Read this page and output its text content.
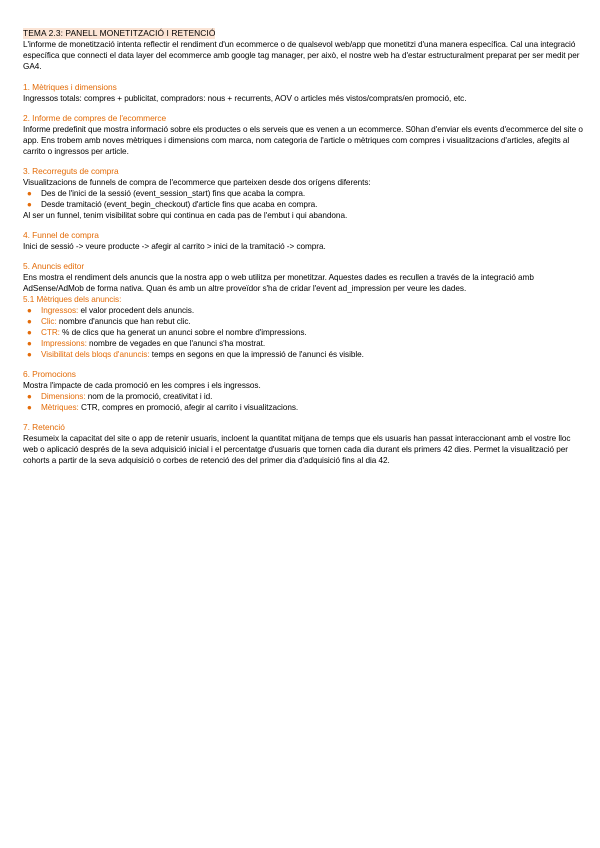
TEMA 2.3: PANELL MONETITZACIÓ I RETENCIÓ

L'informe de monetització intenta reflectir el rendiment d'un ecommerce o de qualsevol web/app que monetitzi d'una manera específica. Cal una integració específica que connecti el data layer del ecommerce amb google tag manager, per això, el nostre web ha d'estar estructuralment preparat per ser medit per GA4.

1. Mètriques i dimensions

Ingressos totals: compres + publicitat, compradors: nous + recurrents, AOV o articles més vistos/comprats/en promoció, etc.

2. Informe de compres de l'ecommerce

Informe predefinit que mostra informació sobre els productes o els serveis que es venen a un ecommerce. S0han d'enviar els events d'ecommerce del site o app. Ens trobem amb noves mètriques i dimensions com marca, nom categoria de l'article o mètriques com compres i visualitzacions d'articles, afegits al carrito o ingressos per article.

3. Recorreguts de compra

Visualitzacions de funnels de compra de l'ecommerce que parteixen desde dos orígens diferents:

● Des de l'inici de la sessió (event_session_start) fins que acaba la compra.
● Desde tramitació (event_begin_checkout) d'article fins que acaba en compra.

Al ser un funnel, tenim visibilitat sobre qui continua en cada pas de l'embut i qui abandona.

4. Funnel de compra

Inici de sessió -> veure producte -> afegir al carrito > inici de la tramitació -> compra.

5. Anuncis editor

Ens mostra el rendiment dels anuncis que la nostra app o web utilitza per monetitzar. Aquestes dades es recullen a través de la integració amb AdSense/AdMob de forma nativa. Quan és amb un altre proveïdor s'ha de cridar l'event ad_impression per veure les dades.

5.1 Mètriques dels anuncis:
● Ingressos: el valor procedent dels anuncis.
● Clic: nombre d'anuncis que han rebut clic.
● CTR: % de clics que ha generat un anunci sobre el nombre d'impressions.
● Impressions: nombre de vegades en que l'anunci s'ha mostrat.
● Visibilitat dels bloqs d'anuncis: temps en segons en que la impressió de l'anunci és visible.
6. Promocions

Mostra l'impacte de cada promoció en les compres i els ingressos.

● Dimensions: nom de la promoció, creativitat i id.
● Mètriques: CTR, compres en promoció, afegir al carrito i visualitzacions.
7. Retenció

Resumeix la capacitat del site o app de retenir usuaris, incloent la quantitat mitjana de temps que els usuaris han passat interaccionant amb el vostre lloc web o aplicació després de la seva adquisició inicial i el percentatge d'usuaris que tornen cada dia durant els primers 42 dies. Permet la visualització per cohorts a partir de la seva adquisició o corbes de retenció des del primer dia d'adquisició fins al dia 42.
